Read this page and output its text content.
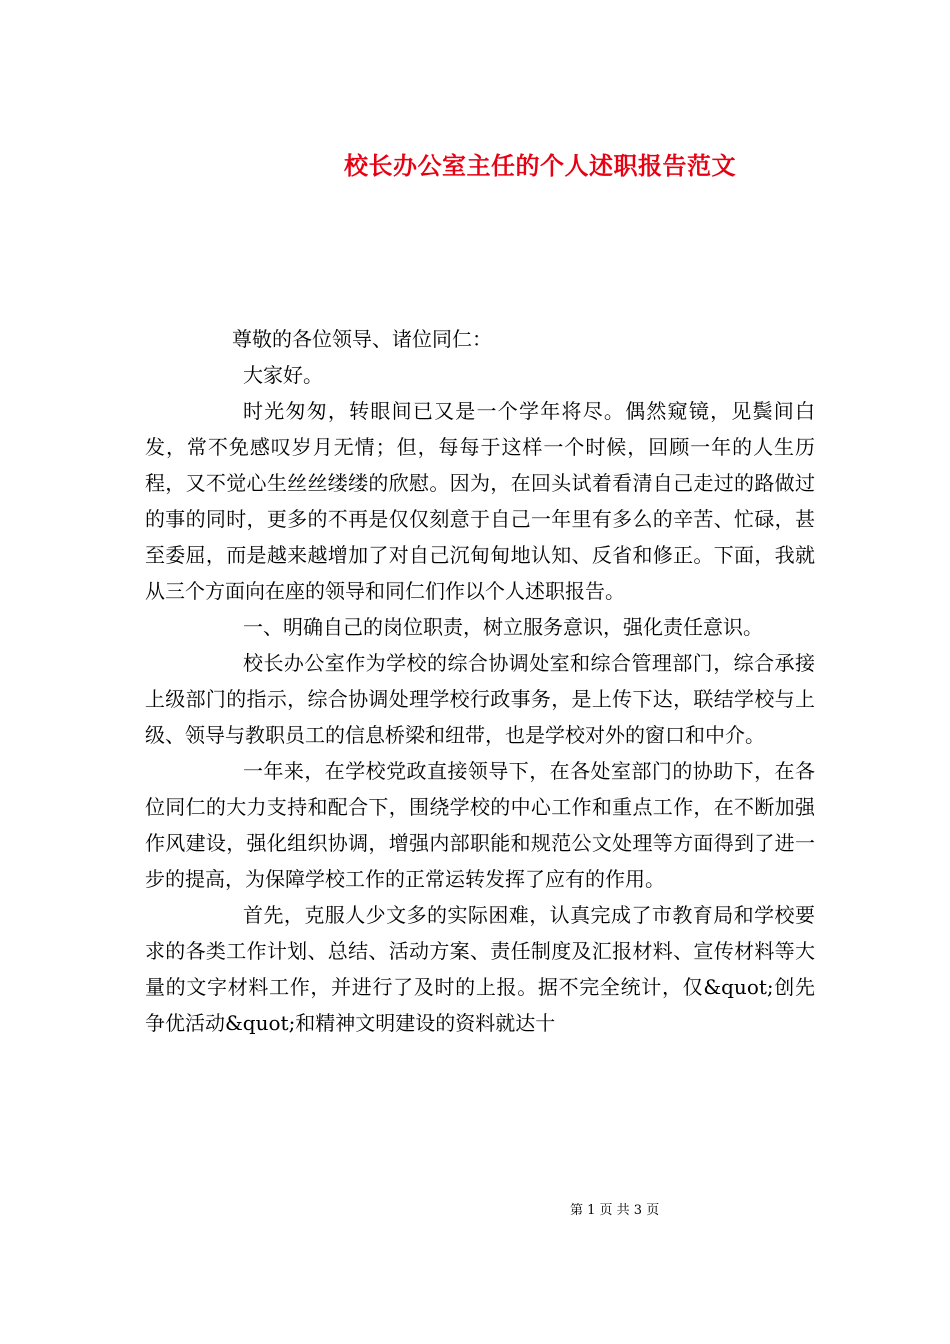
校长办公室主任的个人述职报告范文

尊敬的各位领导、诸位同仁：

大家好。

时光匆匆，转眼间已又是一个学年将尽。偶然窥镜，见鬓间白发，常不免感叹岁月无情；但，每每于这样一个时候，回顾一年的人生历程，又不觉心生丝丝缕缕的欣慰。因为，在回头试着看清自己走过的路做过的事的同时，更多的不再是仅仅刻意于自己一年里有多么的辛苦、忙碌，甚至委屈，而是越来越增加了对自己沉甸甸地认知、反省和修正。下面，我就从三个方面向在座的领导和同仁们作以个人述职报告。

一、明确自己的岗位职责，树立服务意识，强化责任意识。

校长办公室作为学校的综合协调处室和综合管理部门，综合承接上级部门的指示，综合协调处理学校行政事务，是上传下达，联结学校与上级、领导与教职员工的信息桥梁和纽带，也是学校对外的窗口和中介。

一年来，在学校党政直接领导下，在各处室部门的协助下，在各位同仁的大力支持和配合下，围绕学校的中心工作和重点工作，在不断加强作风建设，强化组织协调，增强内部职能和规范公文处理等方面得到了进一步的提高，为保障学校工作的正常运转发挥了应有的作用。

首先，克服人少文多的实际困难，认真完成了市教育局和学校要求的各类工作计划、总结、活动方案、责任制度及汇报材料、宣传材料等大量的文字材料工作，并进行了及时的上报。据不完全统计，仅&quot;创先争优活动&quot;和精神文明建设的资料就达十

第 1 页 共 3 页
